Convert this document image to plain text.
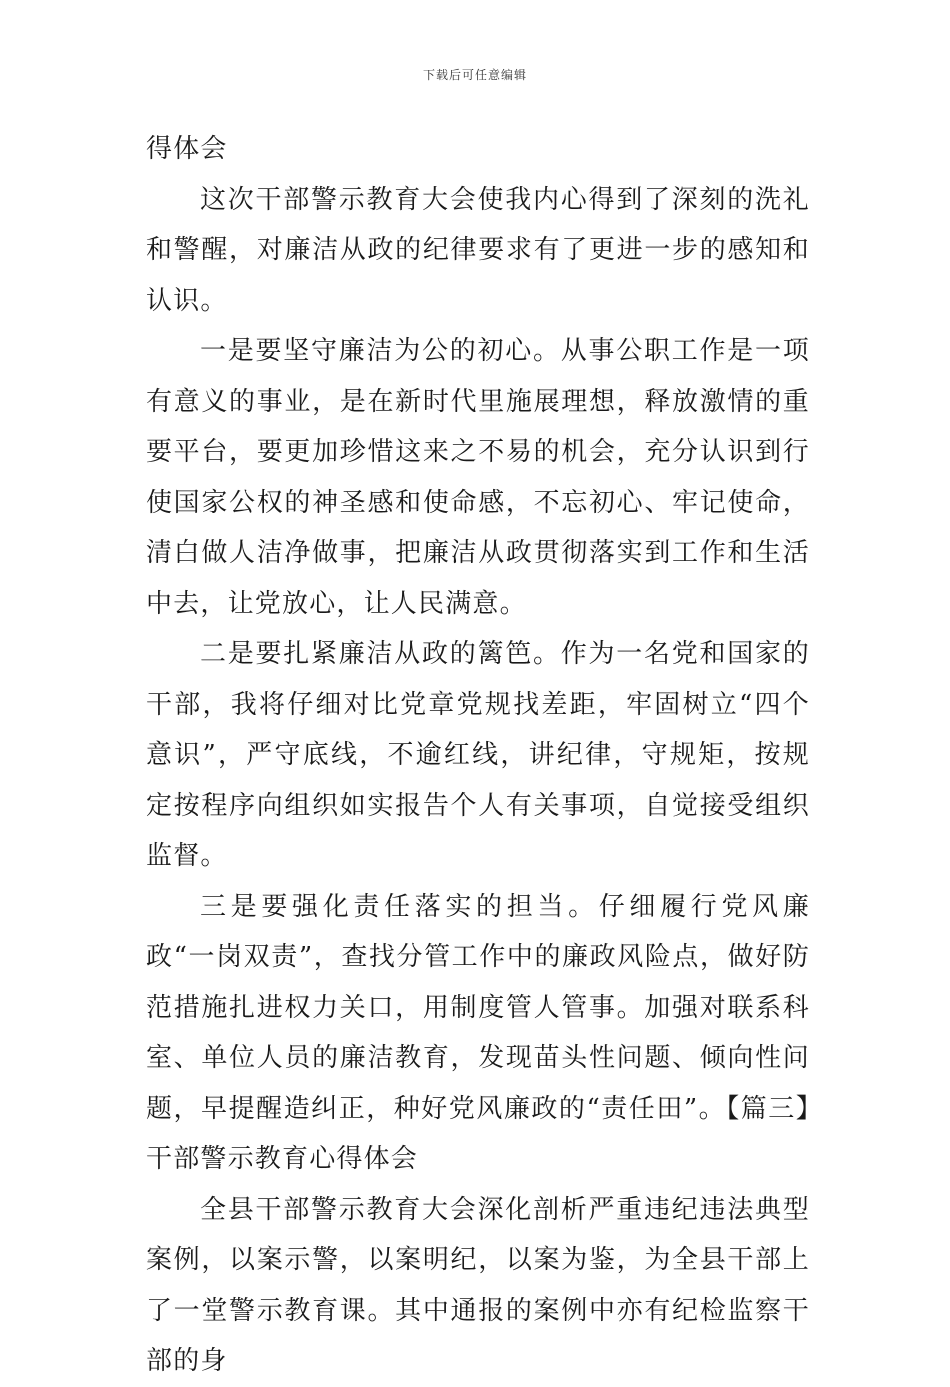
下载后可任意编辑

得体会

这次干部警示教育大会使我内心得到了深刻的洗礼和警醒，对廉洁从政的纪律要求有了更进一步的感知和认识。

一是要坚守廉洁为公的初心。从事公职工作是一项有意义的事业，是在新时代里施展理想，释放激情的重要平台，要更加珍惜这来之不易的机会，充分认识到行使国家公权的神圣感和使命感，不忘初心、牢记使命，清白做人洁净做事，把廉洁从政贯彻落实到工作和生活中去，让党放心，让人民满意。

二是要扎紧廉洁从政的篱笆。作为一名党和国家的干部，我将仔细对比党章党规找差距，牢固树立“四个意识”，严守底线，不逾红线，讲纪律，守规矩，按规定按程序向组织如实报告个人有关事项，自觉接受组织监督。

三是要强化责任落实的担当。仔细履行党风廉政“一岗双责”，查找分管工作中的廉政风险点，做好防范措施扎进权力关口，用制度管人管事。加强对联系科室、单位人员的廉洁教育，发现苗头性问题、倾向性问题，早提醒造纠正，种好党风廉政的“责任田”。【篇三】干部警示教育心得体会

全县干部警示教育大会深化剖析严重违纪违法典型案例，以案示警，以案明纪，以案为鉴，为全县干部上了一堂警示教育课。其中通报的案例中亦有纪检监察干部的身
